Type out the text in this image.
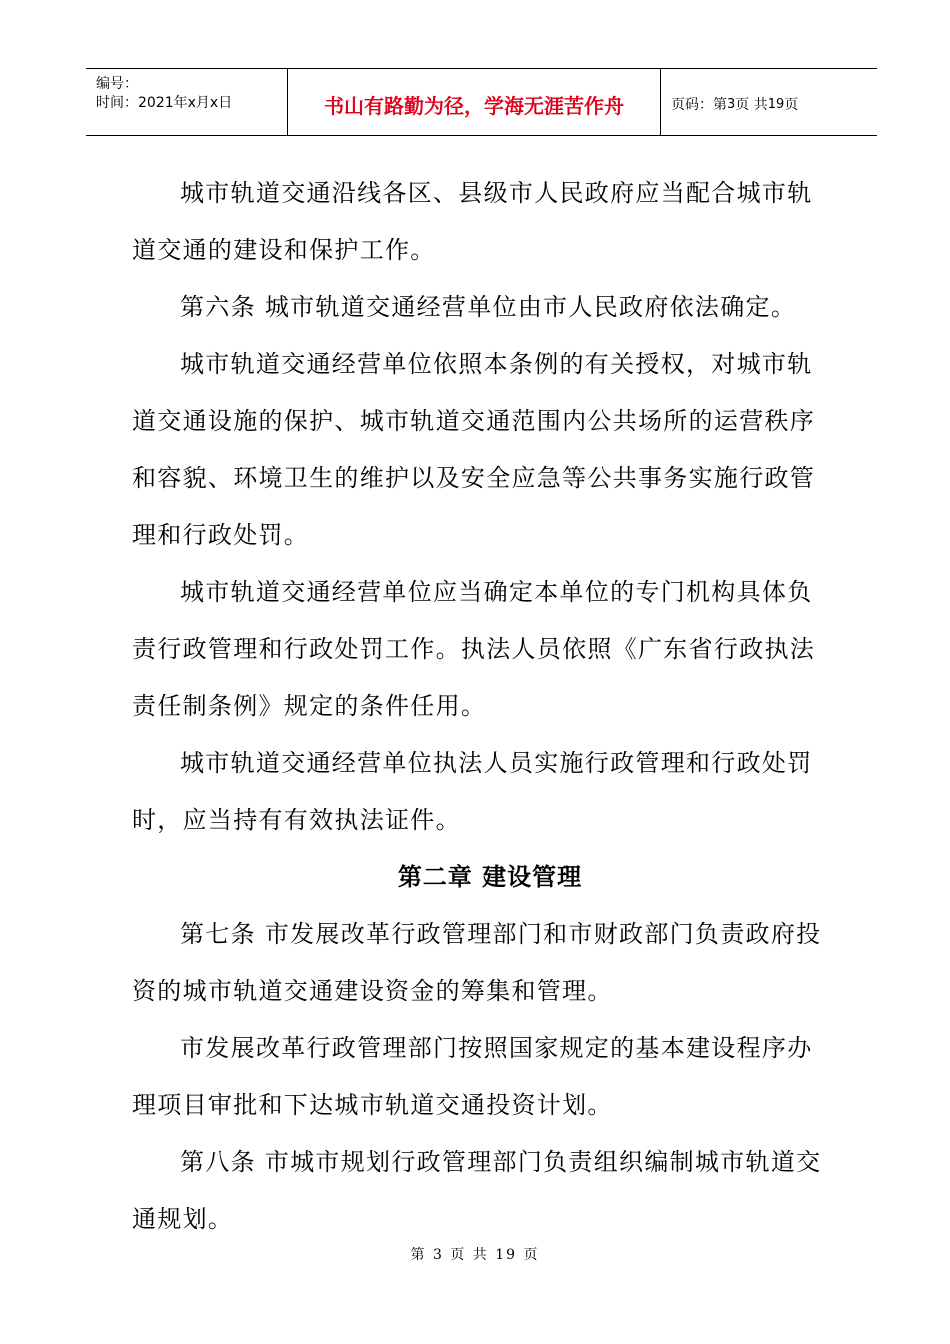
编号：
时间：2021年x月x日	书山有路勤为径，学海无涯苦作舟	页码：第 3 页 共 19 页

城市轨道交通沿线各区、县级市人民政府应当配合城市轨道交通的建设和保护工作。

第六条 城市轨道交通经营单位由市人民政府依法确定。

城市轨道交通经营单位依照本条例的有关授权，对城市轨道交通设施的保护、城市轨道交通范围内公共场所的运营秩序和容貌、环境卫生的维护以及安全应急等公共事务实施行政管理和行政处罚。

城市轨道交通经营单位应当确定本单位的专门机构具体负责行政管理和行政处罚工作。执法人员依照《广东省行政执法责任制条例》规定的条件任用。

城市轨道交通经营单位执法人员实施行政管理和行政处罚时，应当持有有效执法证件。

第二章 建设管理

第七条 市发展改革行政管理部门和市财政部门负责政府投资的城市轨道交通建设资金的筹集和管理。

市发展改革行政管理部门按照国家规定的基本建设程序办理项目审批和下达城市轨道交通投资计划。

第八条 市城市规划行政管理部门负责组织编制城市轨道交通规划。

第 3 页 共 19 页
